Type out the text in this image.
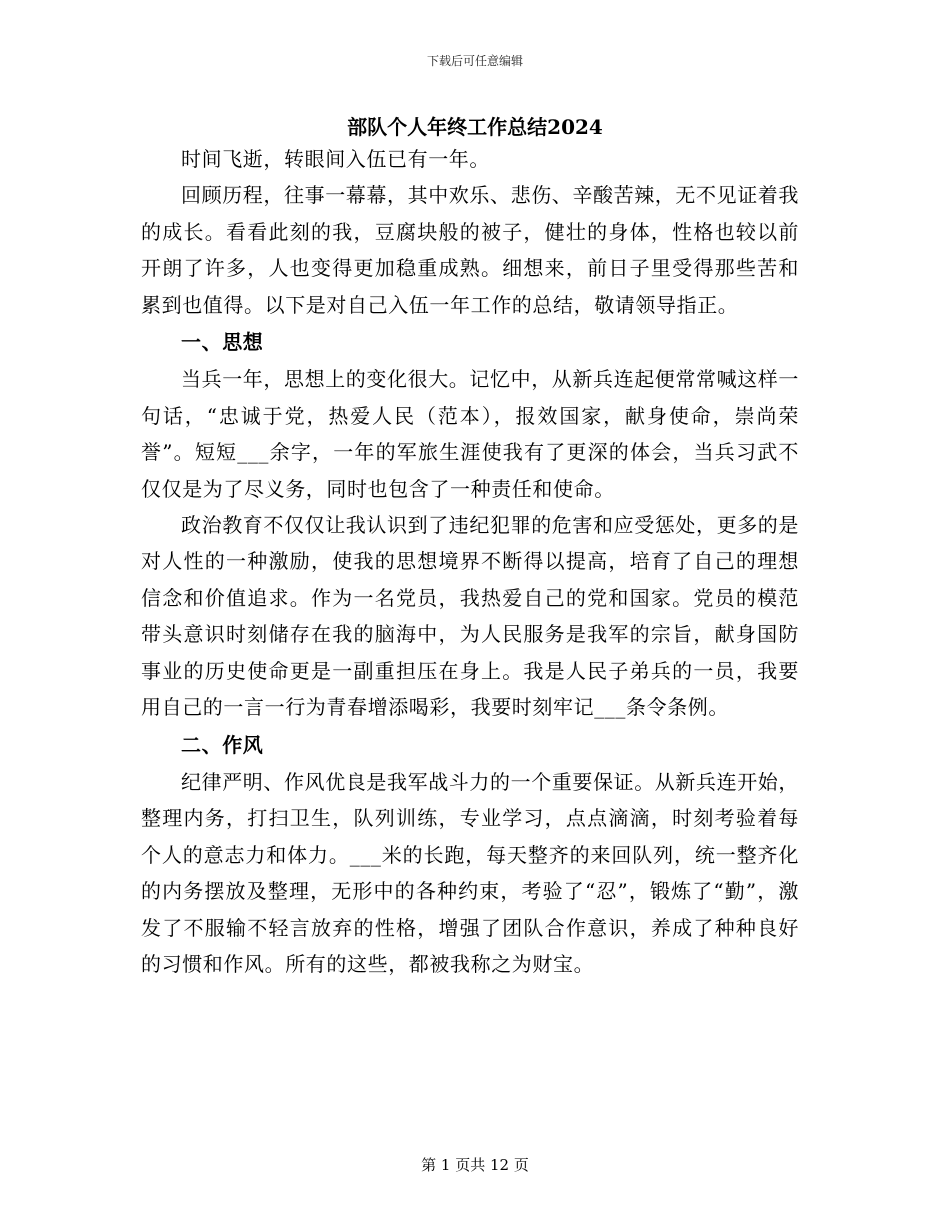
下载后可任意编辑
部队个人年终工作总结2024

时间飞逝，转眼间入伍已有一年。

回顾历程，往事一幕幕，其中欢乐、悲伤、辛酸苦辣，无不见证着我的成长。看看此刻的我，豆腐块般的被子，健壮的身体，性格也较以前开朗了许多，人也变得更加稳重成熟。细想来，前日子里受得那些苦和累到也值得。以下是对自己入伍一年工作的总结，敬请领导指正。

一、思想

当兵一年，思想上的变化很大。记忆中，从新兵连起便常常喊这样一句话，“忠诚于党，热爱人民（范本），报效国家，献身使命，崇尚荣誉”。短短___余字，一年的军旅生涯使我有了更深的体会，当兵习武不仅仅是为了尽义务，同时也包含了一种责任和使命。

政治教育不仅仅让我认识到了违纪犯罪的危害和应受惩处，更多的是对人性的一种激励，使我的思想境界不断得以提高，培育了自己的理想信念和价值追求。作为一名党员，我热爱自己的党和国家。党员的模范带头意识时刻储存在我的脑海中，为人民服务是我军的宗旨，献身国防事业的历史使命更是一副重担压在身上。我是人民子弟兵的一员，我要用自己的一言一行为青春增添喝彩，我要时刻牢记___条令条例。

二、作风

纪律严明、作风优良是我军战斗力的一个重要保证。从新兵连开始，整理内务，打扫卫生，队列训练，专业学习，点点滴滴，时刻考验着每个人的意志力和体力。___米的长跑，每天整齐的来回队列，统一整齐化的内务摆放及整理，无形中的各种约束，考验了“忍”，锻炼了“勤”，激发了不服输不轻言放弃的性格，增强了团队合作意识，养成了种种良好的习惯和作风。所有的这些，都被我称之为财宝。

第 1 页共 12 页
